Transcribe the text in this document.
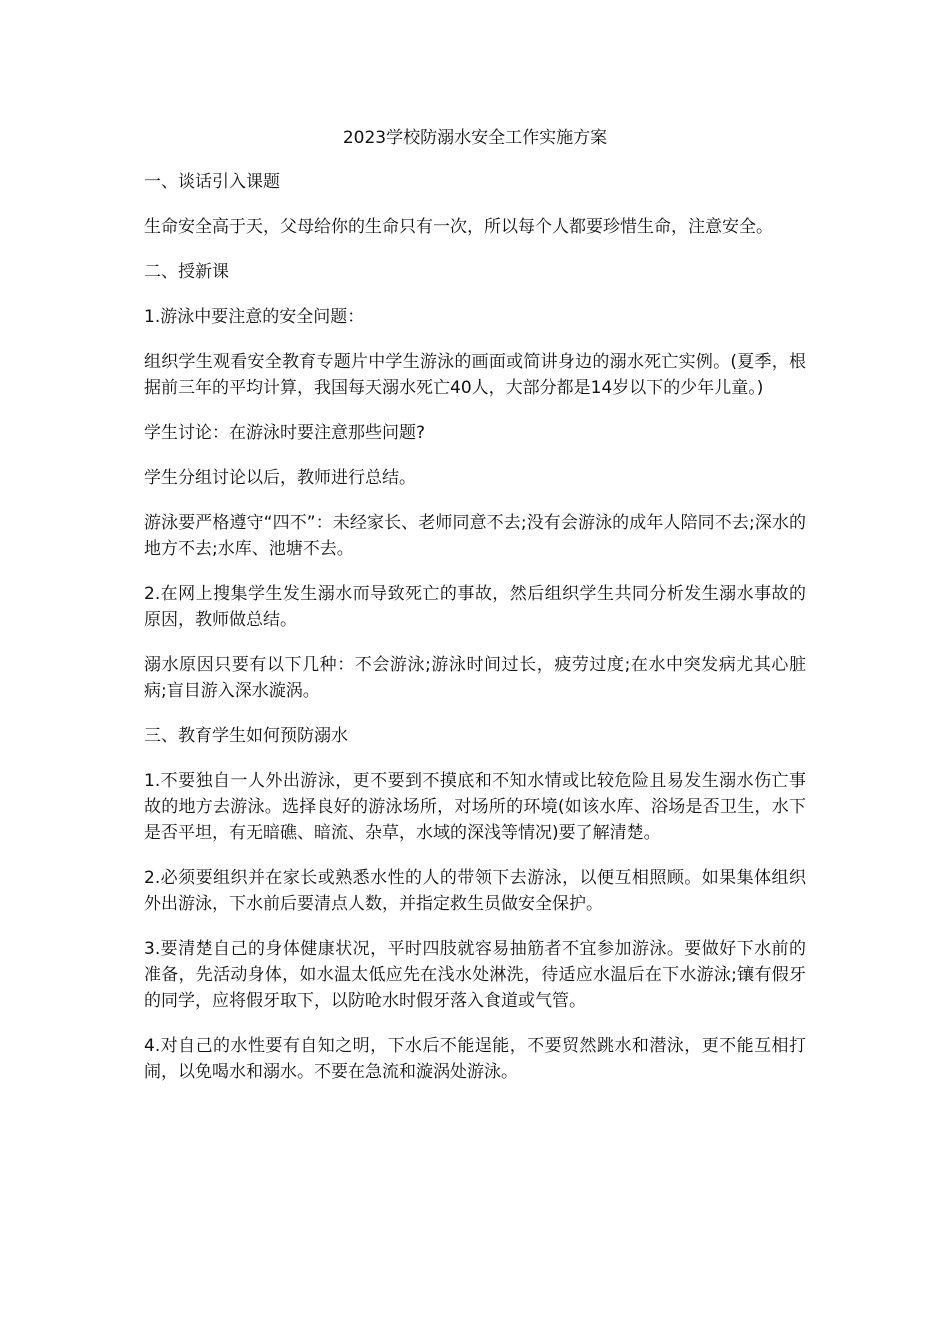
2023学校防溺水安全工作实施方案
一、谈话引入课题
生命安全高于天，父母给你的生命只有一次，所以每个人都要珍惜生命，注意安全。
二、授新课
1.游泳中要注意的安全问题：
组织学生观看安全教育专题片中学生游泳的画面或简讲身边的溺水死亡实例。(夏季，根据前三年的平均计算，我国每天溺水死亡40人，大部分都是14岁以下的少年儿童。)
学生讨论：在游泳时要注意那些问题?
学生分组讨论以后，教师进行总结。
游泳要严格遵守“四不”：未经家长、老师同意不去;没有会游泳的成年人陪同不去;深水的地方不去;水库、池塘不去。
2.在网上搜集学生发生溺水而导致死亡的事故，然后组织学生共同分析发生溺水事故的原因，教师做总结。
溺水原因只要有以下几种：不会游泳;游泳时间过长，疲劳过度;在水中突发病尤其心脏病;盲目游入深水漩涡。
三、教育学生如何预防溺水
1.不要独自一人外出游泳，更不要到不摸底和不知水情或比较危险且易发生溺水伤亡事故的地方去游泳。选择良好的游泳场所，对场所的环境(如该水库、浴场是否卫生，水下是否平坦，有无暗礁、暗流、杂草，水域的深浅等情况)要了解清楚。
2.必须要组织并在家长或熟悉水性的人的带领下去游泳，以便互相照顾。如果集体组织外出游泳，下水前后要清点人数，并指定救生员做安全保护。
3.要清楚自己的身体健康状况，平时四肢就容易抽筋者不宜参加游泳。要做好下水前的准备，先活动身体，如水温太低应先在浅水处淋洗，待适应水温后在下水游泳;镶有假牙的同学，应将假牙取下，以防呛水时假牙落入食道或气管。
4.对自己的水性要有自知之明，下水后不能逞能，不要贸然跳水和潜泳，更不能互相打闹，以免喝水和溺水。不要在急流和漩涡处游泳。
